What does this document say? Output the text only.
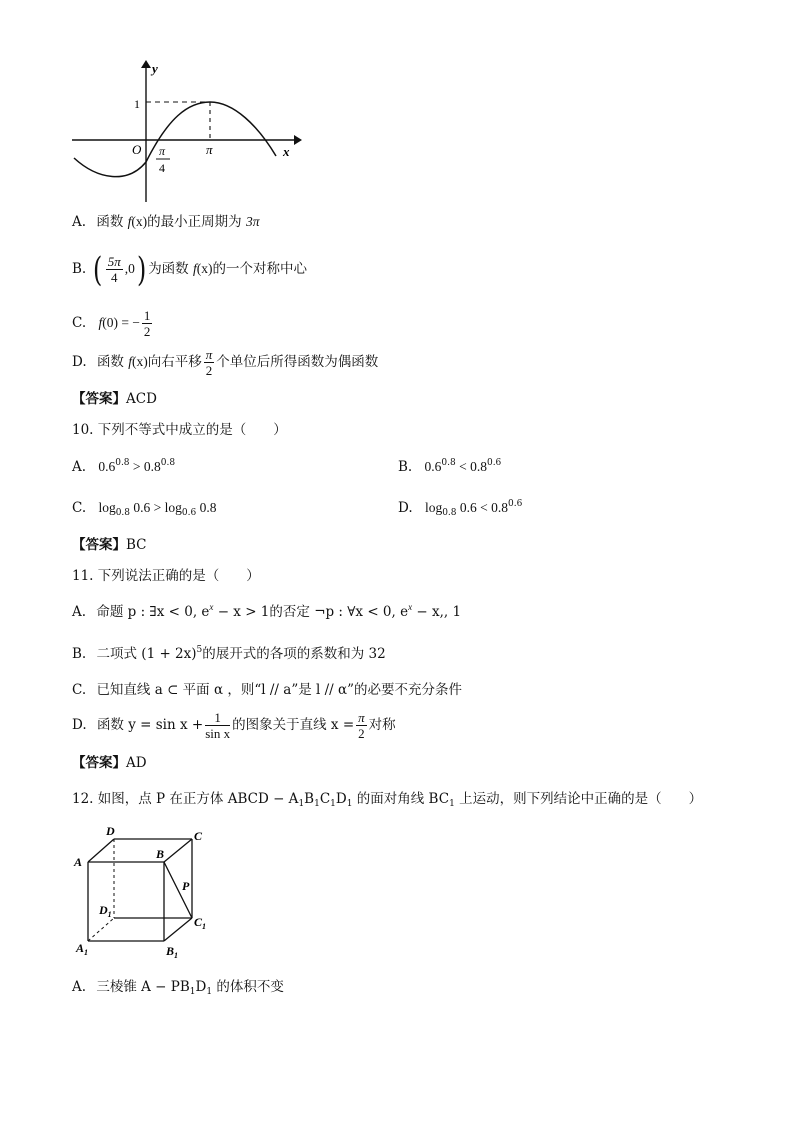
y
x
O
1
π
π
4
A. 函数 f(x)的最小正周期为 3π
B. ( $\frac{5\pi}{4} ,0$) 为函数 f(x)的一个对称中心
C. f(0) = − $\frac{1}{2}$
D. 函数 f(x)向右平移 $\frac{\pi}{2}$ 个单位后所得函数为偶函数
【答案】ACD
10. 下列不等式中成立的是（　　）
A. $0.6^{0.8} > 0.8^{0.8}$	B. $0.6^{0.8} < 0.8^{0.6}$
C. $\log_{0.8} 0.6 > \log_{0.6} 0.8$	D. $\log_{0.8} 0.6 < 0.8^{0.6}$
【答案】BC
11. 下列说法正确的是（　　）
A. 命题 p : ∃x < 0, $e^x - x > 1$的否定 ¬p : ∀x < 0, $e^x - x$,, 1
B. 二项式 $(1 + 2x)^5$的展开式的各项的系数和为 32
C. 已知直线 a ⊂ 平面 α ，则“l // a”是 l // α”的必要不充分条件
D. 函数 $y = \sin x + \frac{1}{\text{sin x}}$ 的图象关于直线 $x = \frac{\pi}{2}$ 对称
【答案】AD
12. 如图，点 P 在正方体 ABCD − $A_1B_1C_1D_1$ 的面对角线 $BC_1$ 上运动，则下列结论中正确的是（　　）
A
B
C
D
P
$D_1$
$C_1$
$A_1$	$B_1$
A. 三棱锥 $A - PB_1D_1$ 的体积不变
